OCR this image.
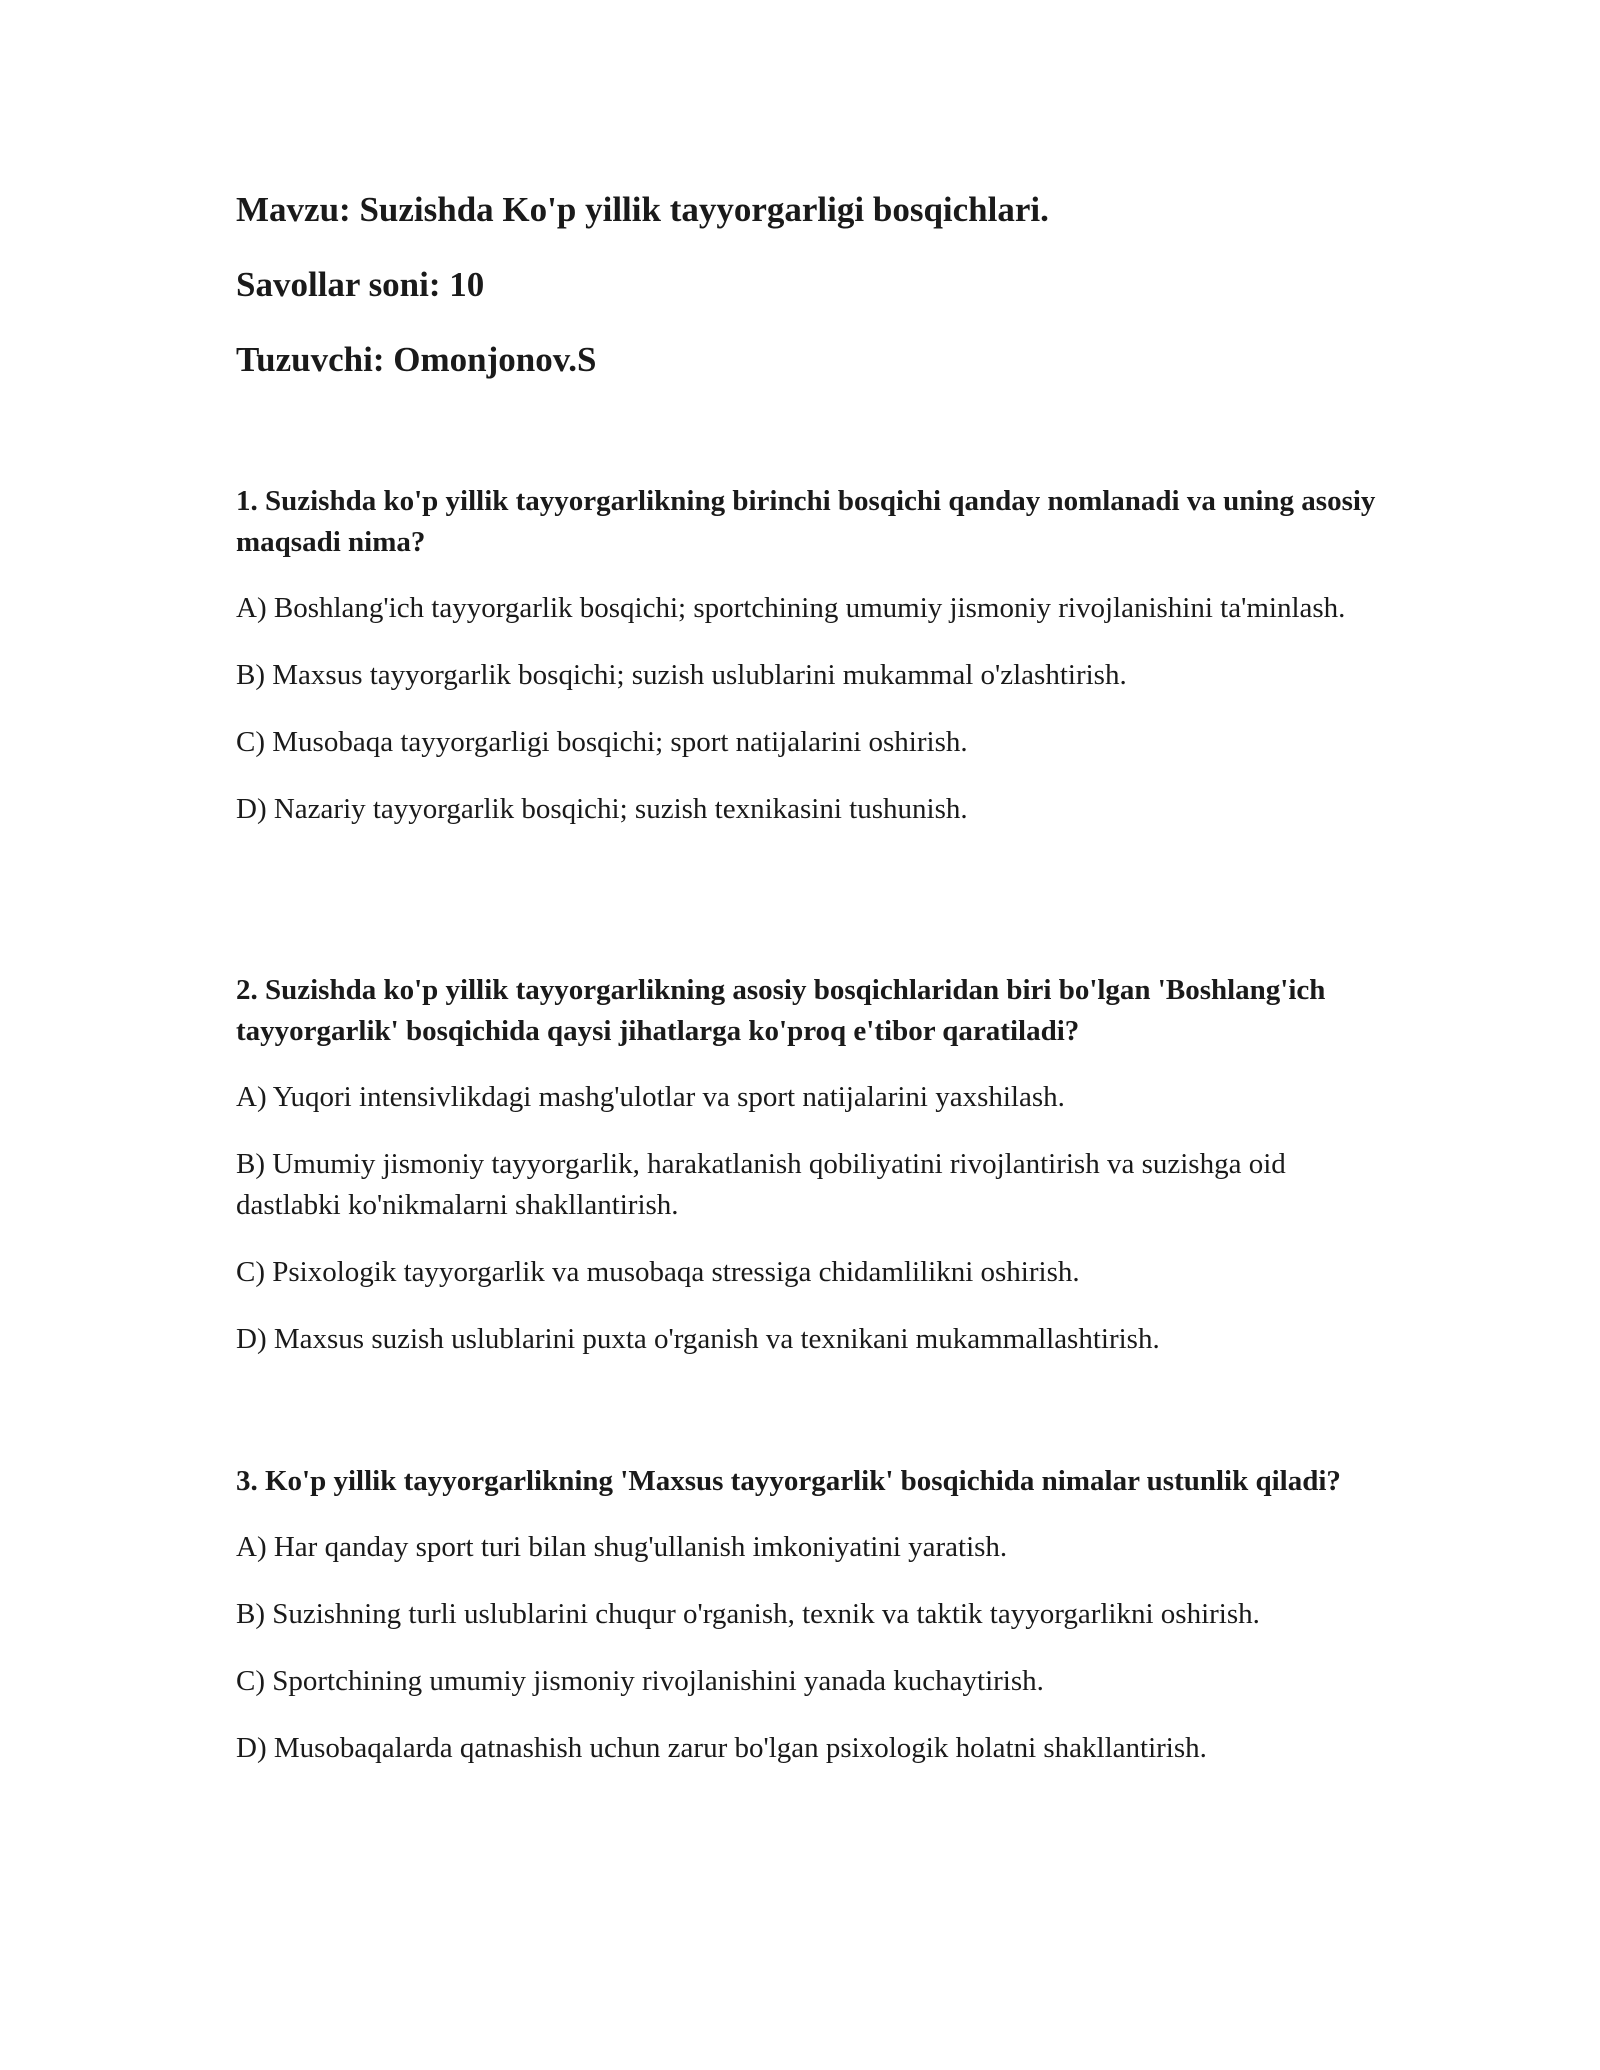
Mavzu: Suzishda Ko'p yillik tayyorgarligi bosqichlari.
Savollar soni: 10
Tuzuvchi: Omonjonov.S

1. Suzishda ko'p yillik tayyorgarlikning birinchi bosqichi qanday nomlanadi va uning asosiy maqsadi nima?

A) Boshlang'ich tayyorgarlik bosqichi; sportchining umumiy jismoniy rivojlanishini ta'minlash.

B) Maxsus tayyorgarlik bosqichi; suzish uslublarini mukammal o'zlashtirish.

C) Musobaqa tayyorgarligi bosqichi; sport natijalarini oshirish.

D) Nazariy tayyorgarlik bosqichi; suzish texnikasini tushunish.

2. Suzishda ko'p yillik tayyorgarlikning asosiy bosqichlaridan biri bo'lgan 'Boshlang'ich tayyorgarlik' bosqichida qaysi jihatlarga ko'proq e'tibor qaratiladi?

A) Yuqori intensivlikdagi mashg'ulotlar va sport natijalarini yaxshilash.

B) Umumiy jismoniy tayyorgarlik, harakatlanish qobiliyatini rivojlantirish va suzishga oid dastlabki ko'nikmalarni shakllantirish.

C) Psixologik tayyorgarlik va musobaqa stressiga chidamlilikni oshirish.

D) Maxsus suzish uslublarini puxta o'rganish va texnikani mukammallashtirish.

3. Ko'p yillik tayyorgarlikning 'Maxsus tayyorgarlik' bosqichida nimalar ustunlik qiladi?

A) Har qanday sport turi bilan shug'ullanish imkoniyatini yaratish.

B) Suzishning turli uslublarini chuqur o'rganish, texnik va taktik tayyorgarlikni oshirish.

C) Sportchining umumiy jismoniy rivojlanishini yanada kuchaytirish.

D) Musobaqalarda qatnashish uchun zarur bo'lgan psixologik holatni shakllantirish.
